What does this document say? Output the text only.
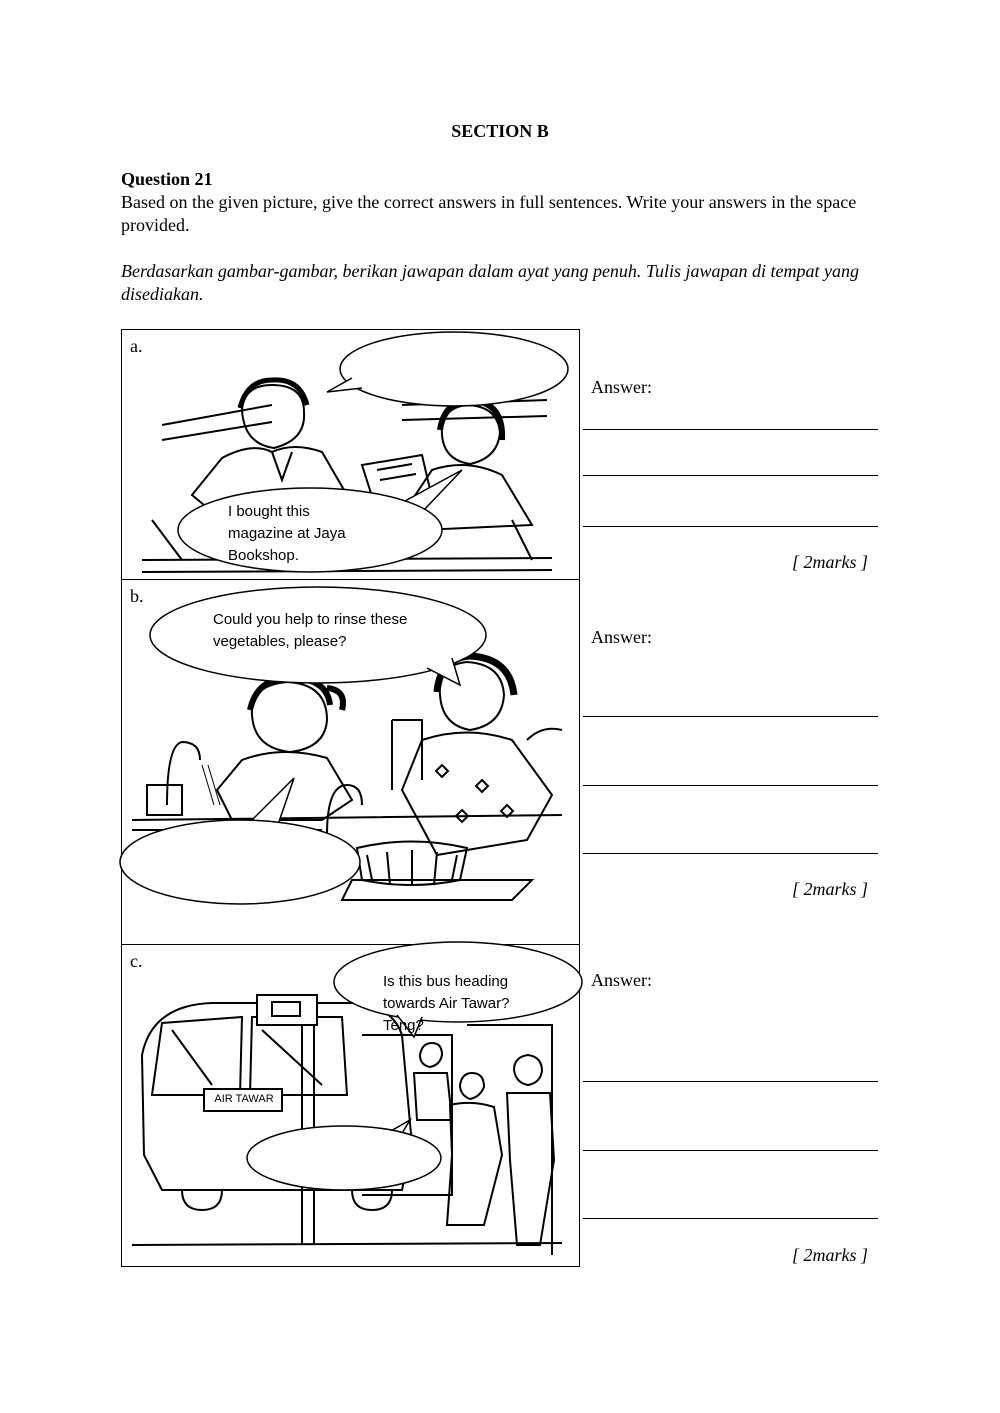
SECTION B
Question 21
Based on the given picture, give the correct answers in full sentences. Write your answers in the space provided.
Berdasarkan gambar-gambar, berikan jawapan dalam ayat yang penuh. Tulis jawapan di tempat yang disediakan.
a.
I bought this magazine at Jaya Bookshop.
b.
Could you help to rinse these vegetables, please?
c.
Is this bus heading towards Air Tawar? Teng?
AIR TAWAR
Answer:
[ 2marks ]
Answer:
[ 2marks ]
Answer:
[ 2marks ]
